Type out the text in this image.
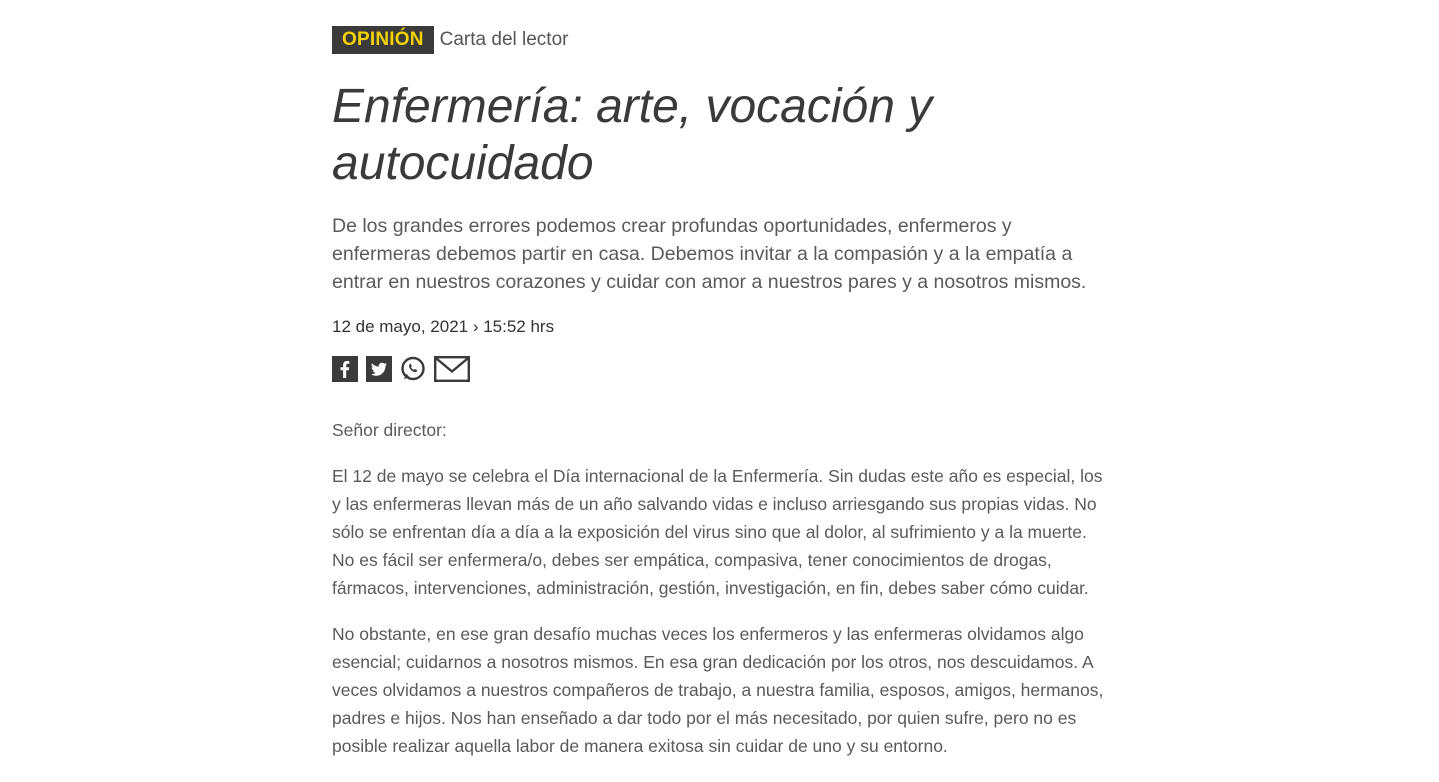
OPINIÓN Carta del lector
Enfermería: arte, vocación y autocuidado

De los grandes errores podemos crear profundas oportunidades, enfermeros y enfermeras debemos partir en casa. Debemos invitar a la compasión y a la empatía a entrar en nuestros corazones y cuidar con amor a nuestros pares y a nosotros mismos.

12 de mayo, 2021 › 15:52 hrs

Señor director:

El 12 de mayo se celebra el Día internacional de la Enfermería. Sin dudas este año es especial, los y las enfermeras llevan más de un año salvando vidas e incluso arriesgando sus propias vidas. No sólo se enfrentan día a día a la exposición del virus sino que al dolor, al sufrimiento y a la muerte. No es fácil ser enfermera/o, debes ser empática, compasiva, tener conocimientos de drogas, fármacos, intervenciones, administración, gestión, investigación, en fin, debes saber cómo cuidar.

No obstante, en ese gran desafío muchas veces los enfermeros y las enfermeras olvidamos algo esencial; cuidarnos a nosotros mismos. En esa gran dedicación por los otros, nos descuidamos. A veces olvidamos a nuestros compañeros de trabajo, a nuestra familia, esposos, amigos, hermanos, padres e hijos. Nos han enseñado a dar todo por el más necesitado, por quien sufre, pero no es posible realizar aquella labor de manera exitosa sin cuidar de uno y su entorno.
